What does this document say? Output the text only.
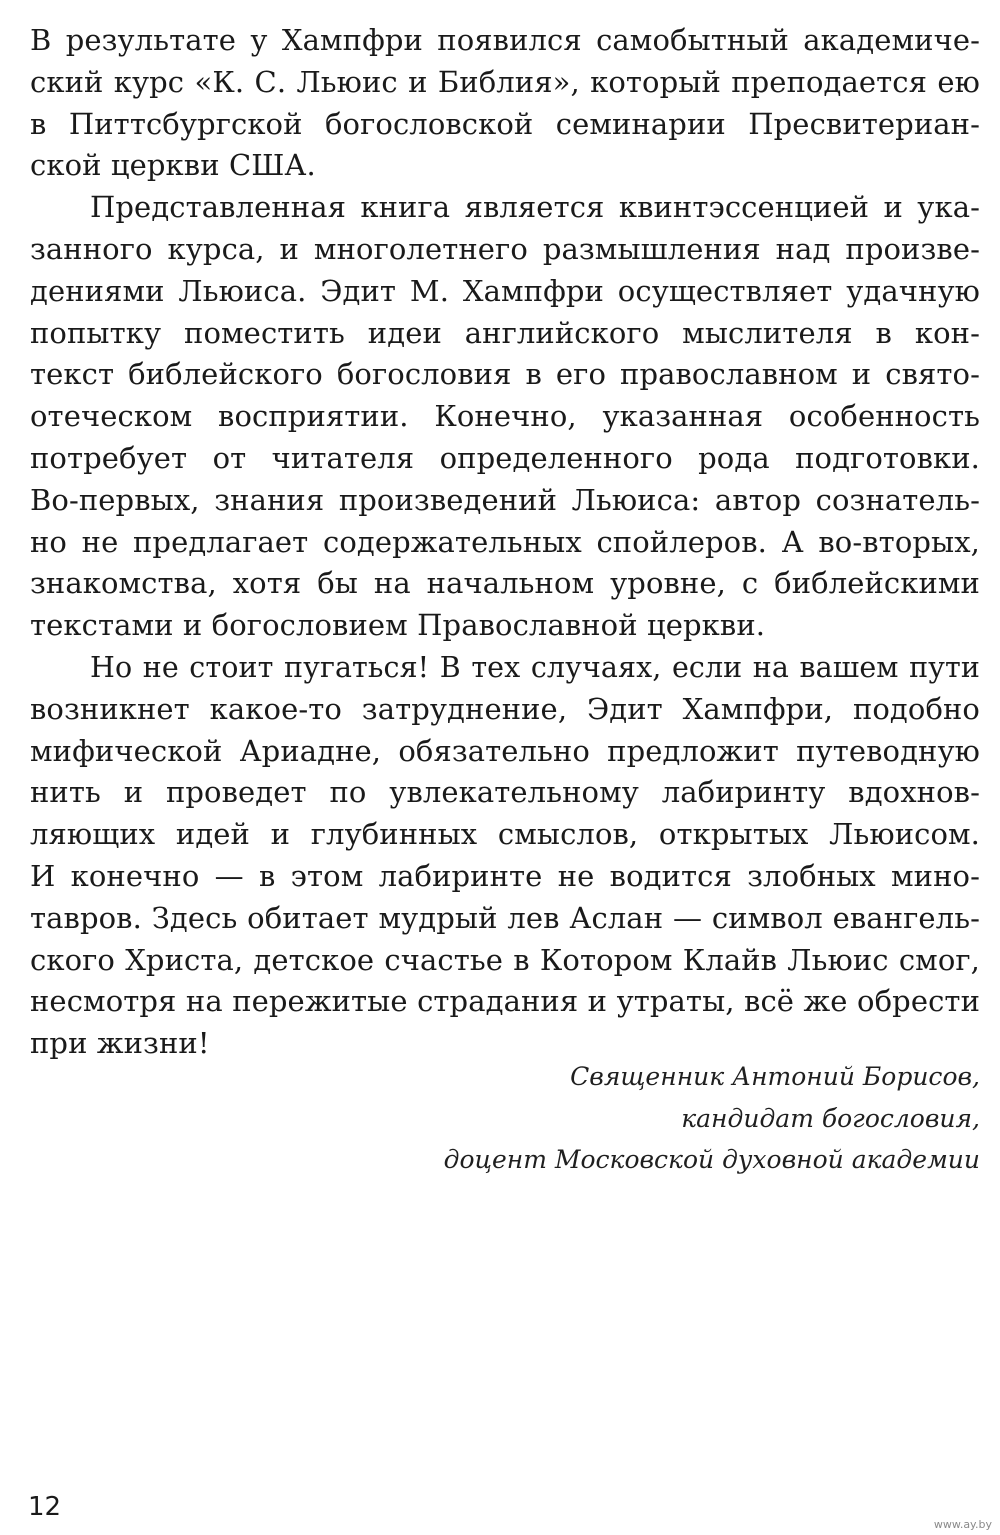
В результате у Хампфри появился самобытный академиче-
ский курс «К. С. Льюис и Библия», который преподается ею
в Питтсбургской богословской семинарии Пресвитериан-
ской церкви США.
Представленная книга является квинтэссенцией и ука-
занного курса, и многолетнего размышления над произве-
дениями Льюиса. Эдит М. Хампфри осуществляет удачную
попытку поместить идеи английского мыслителя в кон-
текст библейского богословия в его православном и свято-
отеческом восприятии. Конечно, указанная особенность
потребует от читателя определенного рода подготовки.
Во-первых, знания произведений Льюиса: автор сознатель-
но не предлагает содержательных спойлеров. А во-вторых,
знакомства, хотя бы на начальном уровне, с библейскими
текстами и богословием Православной церкви.
Но не стоит пугаться! В тех случаях, если на вашем пути
возникнет какое-то затруднение, Эдит Хампфри, подобно
мифической Ариадне, обязательно предложит путеводную
нить и проведет по увлекательному лабиринту вдохнов-
ляющих идей и глубинных смыслов, открытых Льюисом.
И конечно — в этом лабиринте не водится злобных мино-
тавров. Здесь обитает мудрый лев Аслан — символ евангель-
ского Христа, детское счастье в Котором Клайв Льюис смог,
несмотря на пережитые страдания и утраты, всё же обрести
при жизни!
Священник Антоний Борисов,
кандидат богословия,
доцент Московской духовной академии
12
www.ay.by
